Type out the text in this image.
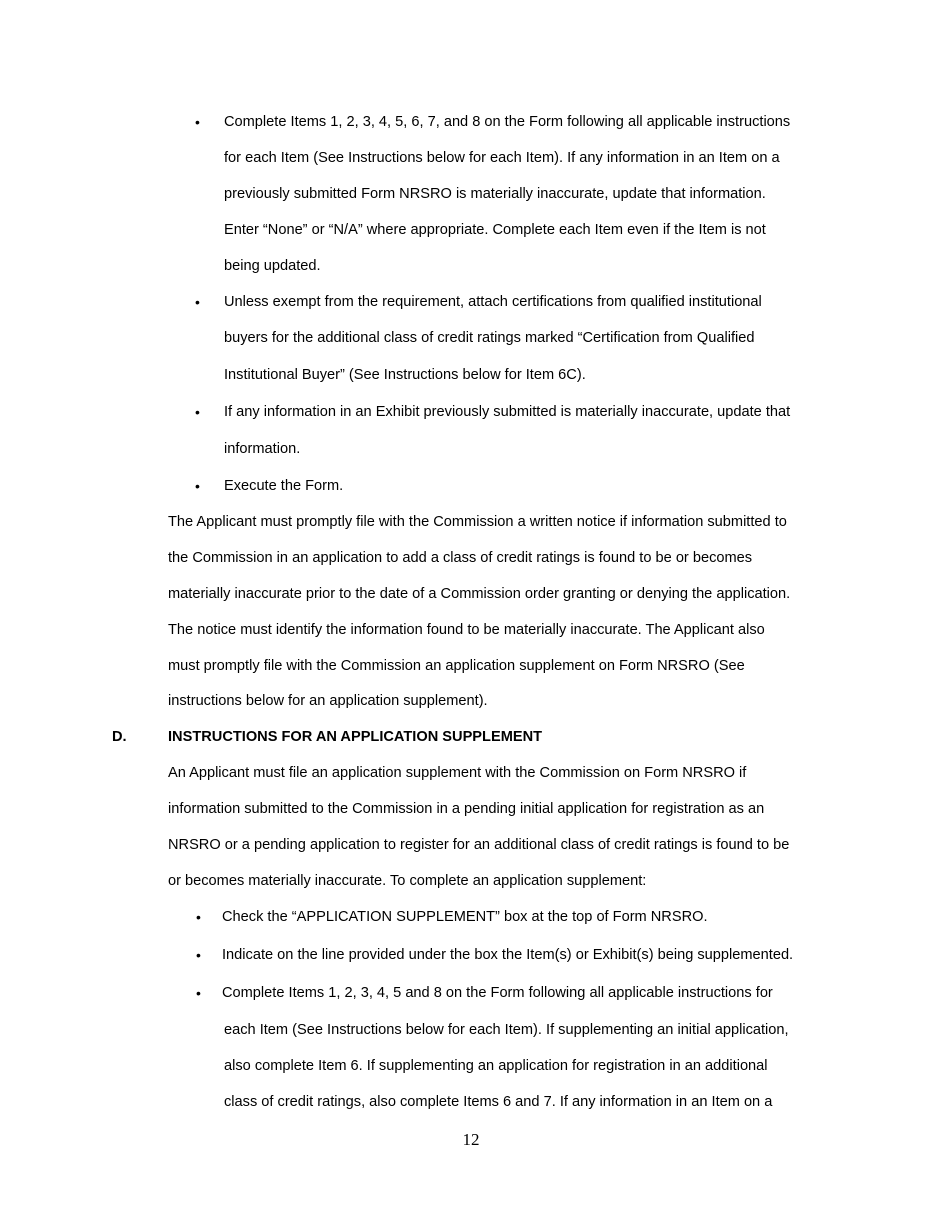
• Complete Items 1, 2, 3, 4, 5, 6, 7, and 8 on the Form following all applicable instructions
for each Item (See Instructions below for each Item). If any information in an Item on a
previously submitted Form NRSRO is materially inaccurate, update that information.
Enter “None” or “N/A” where appropriate. Complete each Item even if the Item is not
being updated.
• Unless exempt from the requirement, attach certifications from qualified institutional
buyers for the additional class of credit ratings marked “Certification from Qualified
Institutional Buyer” (See Instructions below for Item 6C).
• If any information in an Exhibit previously submitted is materially inaccurate, update that
information.
• Execute the Form.
The Applicant must promptly file with the Commission a written notice if information submitted to
the Commission in an application to add a class of credit ratings is found to be or becomes
materially inaccurate prior to the date of a Commission order granting or denying the application.
The notice must identify the information found to be materially inaccurate. The Applicant also
must promptly file with the Commission an application supplement on Form NRSRO (See
instructions below for an application supplement).
D.	INSTRUCTIONS FOR AN APPLICATION SUPPLEMENT
An Applicant must file an application supplement with the Commission on Form NRSRO if
information submitted to the Commission in a pending initial application for registration as an
NRSRO or a pending application to register for an additional class of credit ratings is found to be
or becomes materially inaccurate. To complete an application supplement:
• Check the “APPLICATION SUPPLEMENT” box at the top of Form NRSRO.
• Indicate on the line provided under the box the Item(s) or Exhibit(s) being supplemented.
• Complete Items 1, 2, 3, 4, 5 and 8 on the Form following all applicable instructions for
each Item (See Instructions below for each Item). If supplementing an initial application,
also complete Item 6. If supplementing an application for registration in an additional
class of credit ratings, also complete Items 6 and 7. If any information in an Item on a
12
